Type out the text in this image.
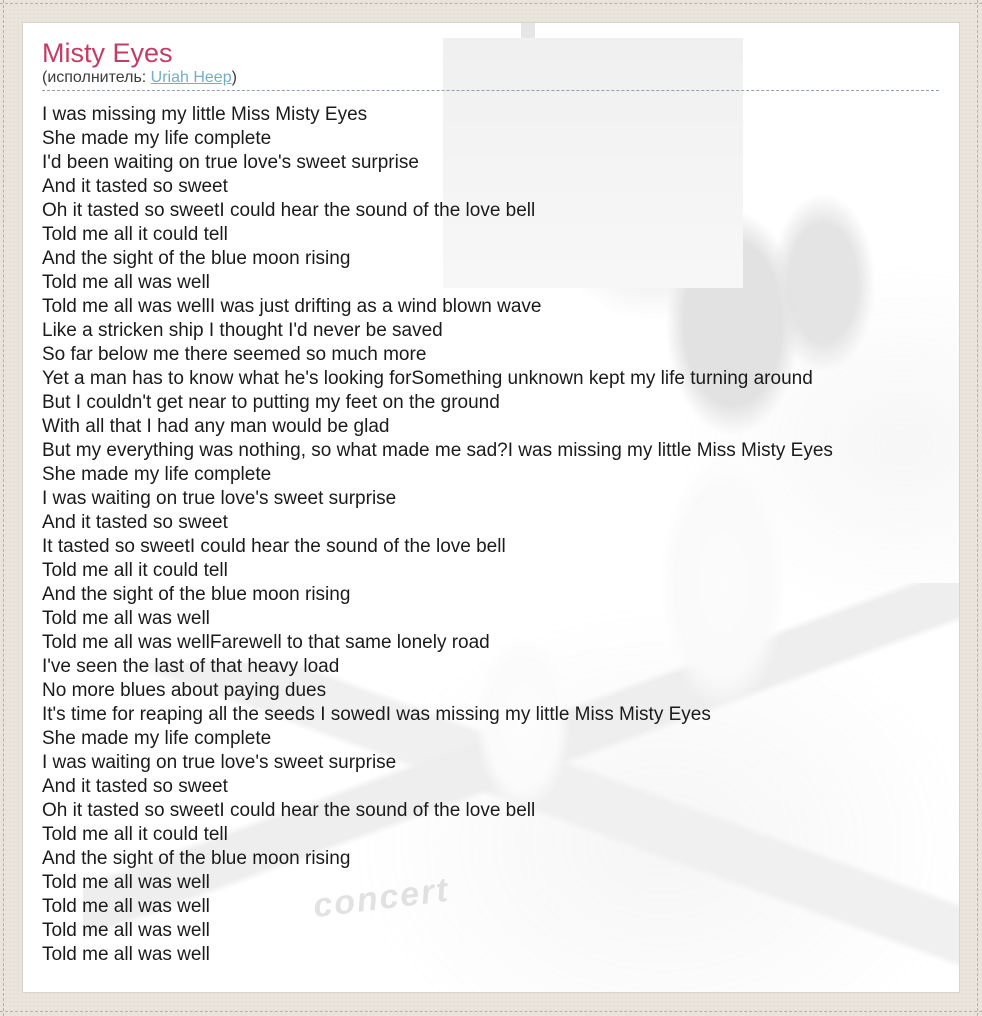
concert
Misty Eyes
(исполнитель: Uriah Heep)
I was missing my little Miss Misty Eyes
She made my life complete
I'd been waiting on true love's sweet surprise
And it tasted so sweet
Oh it tasted so sweetI could hear the sound of the love bell
Told me all it could tell
And the sight of the blue moon rising
Told me all was well
Told me all was wellI was just drifting as a wind blown wave
Like a stricken ship I thought I'd never be saved
So far below me there seemed so much more
Yet a man has to know what he's looking forSomething unknown kept my life turning around
But I couldn't get near to putting my feet on the ground
With all that I had any man would be glad
But my everything was nothing, so what made me sad?I was missing my little Miss Misty Eyes
She made my life complete
I was waiting on true love's sweet surprise
And it tasted so sweet
It tasted so sweetI could hear the sound of the love bell
Told me all it could tell
And the sight of the blue moon rising
Told me all was well
Told me all was wellFarewell to that same lonely road
I've seen the last of that heavy load
No more blues about paying dues
It's time for reaping all the seeds I sowedI was missing my little Miss Misty Eyes
She made my life complete
I was waiting on true love's sweet surprise
And it tasted so sweet
Oh it tasted so sweetI could hear the sound of the love bell
Told me all it could tell
And the sight of the blue moon rising
Told me all was well
Told me all was well
Told me all was well
Told me all was well
